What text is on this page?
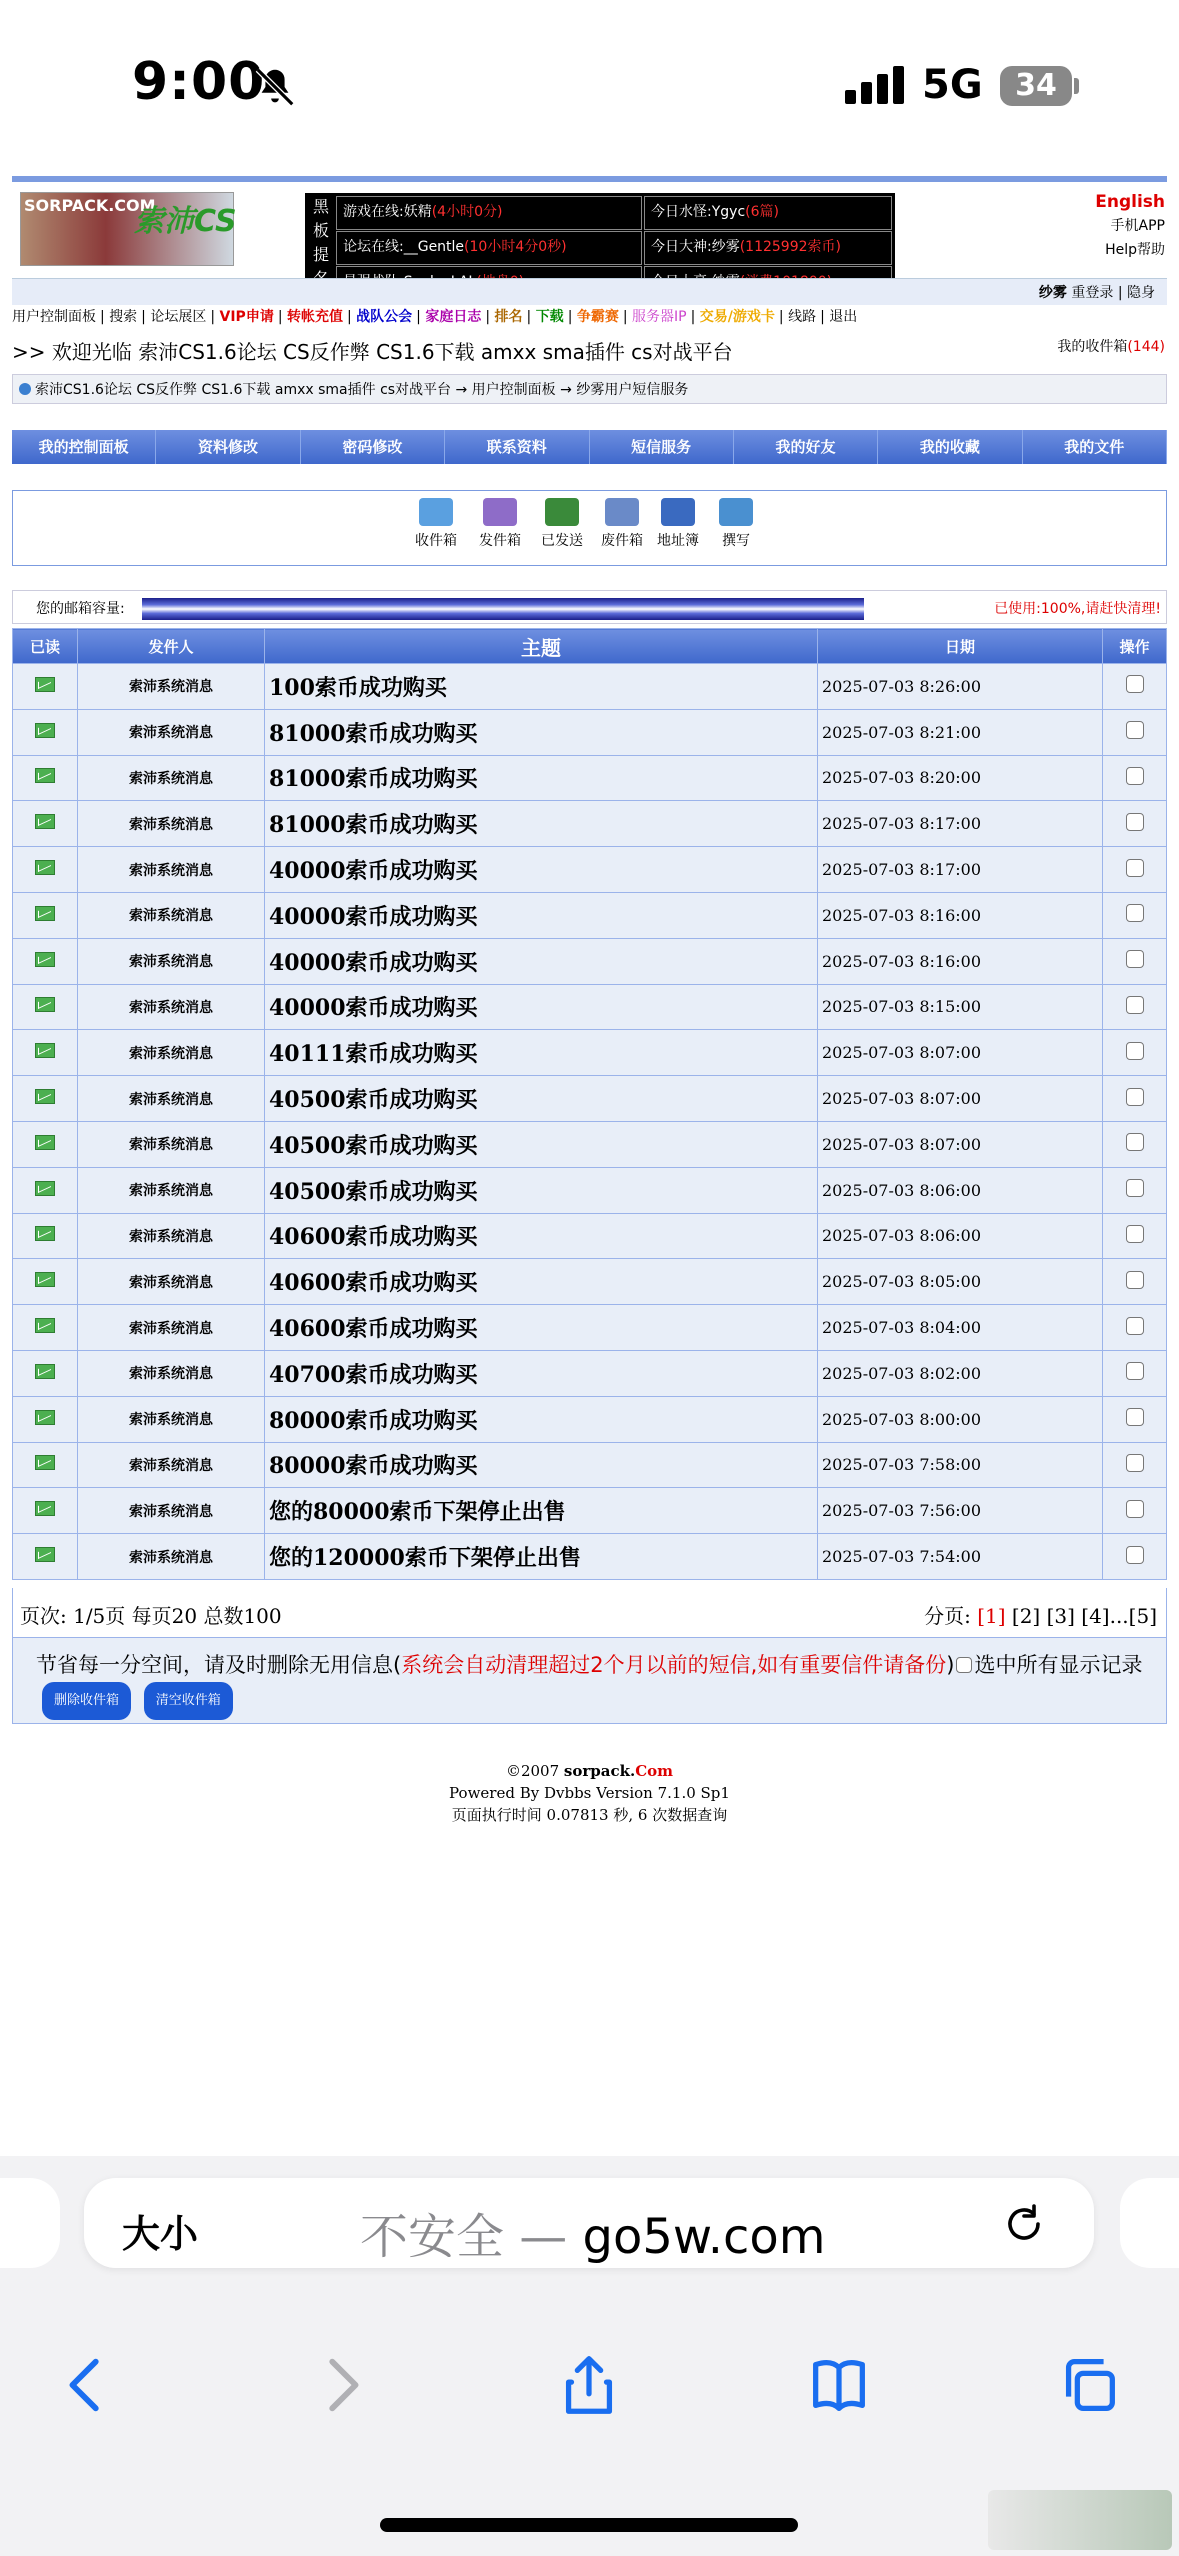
9:00	5G	34
SORPACK.COM
索沛CS	黑
板
提
游戏在线:妖精(4小时0分)	今日水怪:Ygyc(6篇)
论坛在线:__Gentle(10小时4分0秒)	今日大神:纱雾(1125992索币)
English
手机APP
Help帮助
纱雾 重登录 | 隐身
用户控制面板 | 搜索 | 论坛展区 | VIP申请 | 转帐充值 | 战队公会 | 家庭日志 | 排名 | 下载 | 争霸赛 | 服务器IP | 交易/游戏卡 | 线路 | 退出
>> 欢迎光临 索沛CS1.6论坛 CS反作弊 CS1.6下载 amxx sma插件 cs对战平台	我的收件箱(144)
索沛CS1.6论坛 CS反作弊 CS1.6下载 amxx sma插件 cs对战平台 → 用户控制面板 → 纱雾用户短信服务
我的控制面板	资料修改	密码修改	联系资料	短信服务	我的好友	我的收藏	我的文件
收件箱	发件箱	已发送	废件箱	地址簿	撰写
您的邮箱容量:	已使用:100%,请赶快清理!
已读	发件人	主题	日期	操作
	索沛系统消息	100索币成功购买	2025-07-03 8:26:00	
	索沛系统消息	81000索币成功购买	2025-07-03 8:21:00	
	索沛系统消息	81000索币成功购买	2025-07-03 8:20:00	
	索沛系统消息	81000索币成功购买	2025-07-03 8:17:00	
	索沛系统消息	40000索币成功购买	2025-07-03 8:17:00	
	索沛系统消息	40000索币成功购买	2025-07-03 8:16:00	
	索沛系统消息	40000索币成功购买	2025-07-03 8:16:00	
	索沛系统消息	40000索币成功购买	2025-07-03 8:15:00	
	索沛系统消息	40111索币成功购买	2025-07-03 8:07:00	
	索沛系统消息	40500索币成功购买	2025-07-03 8:07:00	
	索沛系统消息	40500索币成功购买	2025-07-03 8:07:00	
	索沛系统消息	40500索币成功购买	2025-07-03 8:06:00	
	索沛系统消息	40600索币成功购买	2025-07-03 8:06:00	
	索沛系统消息	40600索币成功购买	2025-07-03 8:05:00	
	索沛系统消息	40600索币成功购买	2025-07-03 8:04:00	
	索沛系统消息	40700索币成功购买	2025-07-03 8:02:00	
	索沛系统消息	80000索币成功购买	2025-07-03 8:00:00	
	索沛系统消息	80000索币成功购买	2025-07-03 7:58:00	
	索沛系统消息	您的80000索币下架停止出售	2025-07-03 7:56:00	
	索沛系统消息	您的120000索币下架停止出售	2025-07-03 7:54:00	
页次: 1/5页 每页20 总数100	分页: [1] [2] [3] [4]...[5]
节省每一分空间，请及时删除无用信息(系统会自动清理超过2个月以前的短信,如有重要信件请备份) 选中所有显示记录 删除收件箱	清空收件箱
©2007 sorpack.Com
Powered By Dvbbs Version 7.1.0 Sp1
页面执行时间 0.07813 秒, 6 次数据查询
大小	不安全 — go5w.com
